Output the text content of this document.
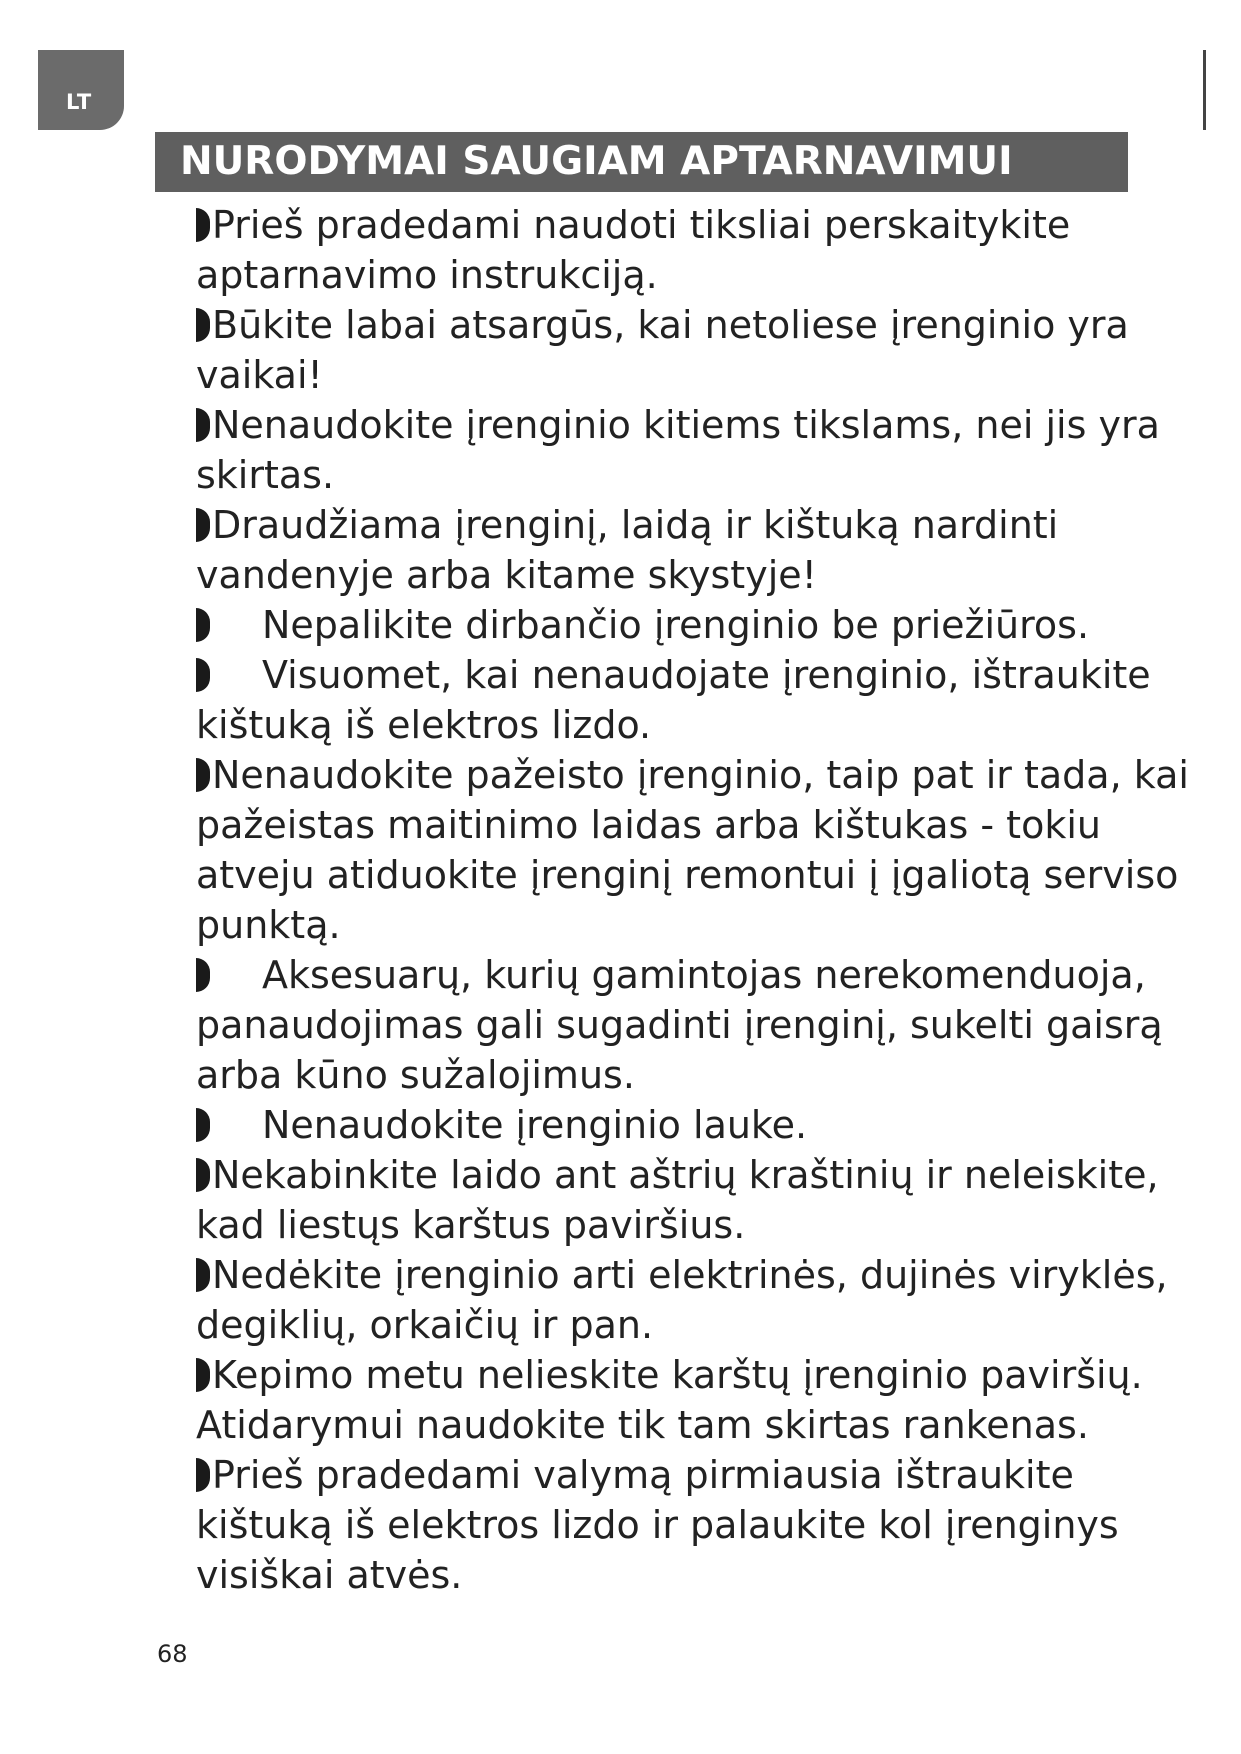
LT
NURODYMAI SAUGIAM APTARNAVIMUI

Prieš pradedami naudoti tiksliai perskaitykite aptarnavimo instrukciją.

Būkite labai atsargūs, kai netoliese įrenginio yra vaikai!

Nenaudokite įrenginio kitiems tikslams, nei jis yra skirtas.

Draudžiama įrenginį, laidą ir kištuką nardinti vandenyje arba kitame skystyje!

Nepalikite dirbančio įrenginio be priežiūros.

Visuomet, kai nenaudojate įrenginio, ištraukite kištuką iš elektros lizdo.

Nenaudokite pažeisto įrenginio, taip pat ir tada, kai pažeistas maitinimo laidas arba kištukas - tokiu atveju atiduokite įrenginį remontui į įgaliotą serviso punktą.

Aksesuarų, kurių gamintojas nerekomenduoja, panaudojimas gali sugadinti įrenginį, sukelti gaisrą arba kūno sužalojimus.

Nenaudokite įrenginio lauke.

Nekabinkite laido ant aštrių kraštinių ir neleiskite, kad liestųs karštus paviršius.

Nedėkite įrenginio arti elektrinės, dujinės viryklės, degiklių, orkaičių ir pan.

Kepimo metu nelieskite karštų įrenginio paviršių. Atidarymui naudokite tik tam skirtas rankenas.

Prieš pradedami valymą pirmiausia ištraukite kištuką iš elektros lizdo ir palaukite kol įrenginys visiškai atvės.

68
